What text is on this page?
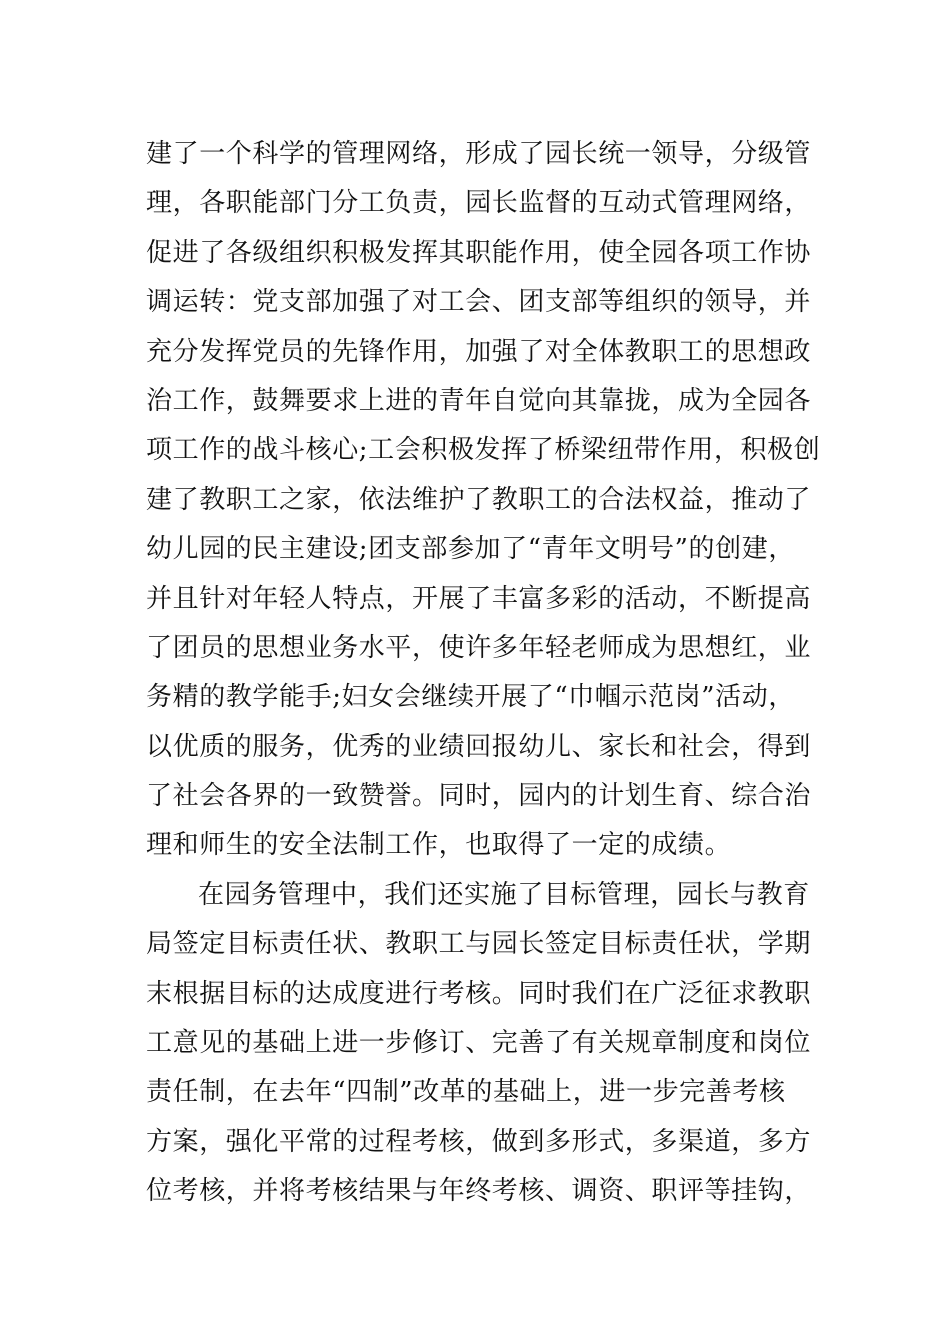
建了一个科学的管理网络，形成了园长统一领导，分级管
理，各职能部门分工负责，园长监督的互动式管理网络，
促进了各级组织积极发挥其职能作用，使全园各项工作协
调运转：党支部加强了对工会、团支部等组织的领导，并
充分发挥党员的先锋作用，加强了对全体教职工的思想政
治工作，鼓舞要求上进的青年自觉向其靠拢，成为全园各
项工作的战斗核心;工会积极发挥了桥梁纽带作用，积极创
建了教职工之家，依法维护了教职工的合法权益，推动了
幼儿园的民主建设;团支部参加了“青年文明号”的创建，
并且针对年轻人特点，开展了丰富多彩的活动，不断提高
了团员的思想业务水平，使许多年轻老师成为思想红，业
务精的教学能手;妇女会继续开展了“巾帼示范岗”活动，
以优质的服务，优秀的业绩回报幼儿、家长和社会，得到
了社会各界的一致赞誉。同时，园内的计划生育、综合治
理和师生的安全法制工作，也取得了一定的成绩。
在园务管理中，我们还实施了目标管理，园长与教育
局签定目标责任状、教职工与园长签定目标责任状，学期
末根据目标的达成度进行考核。同时我们在广泛征求教职
工意见的基础上进一步修订、完善了有关规章制度和岗位
责任制，在去年“四制”改革的基础上，进一步完善考核
方案，强化平常的过程考核，做到多形式，多渠道，多方
位考核，并将考核结果与年终考核、调资、职评等挂钩，
